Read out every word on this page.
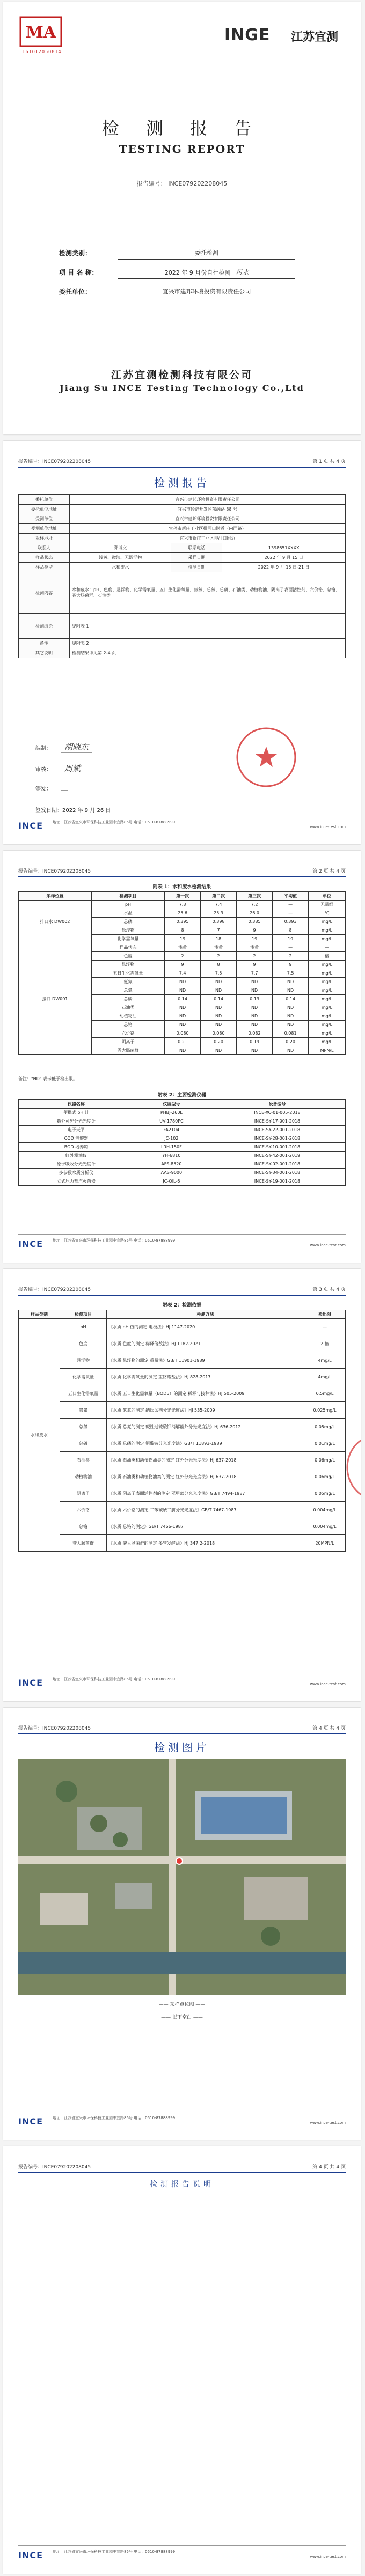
MA
161012050814
INGE 江苏宜测
检 测 报 告
TESTING REPORT
报告编号： INCE079202208045
检测类别：	委托检测
项 目 名 称：	2022 年 9 月份自行检测 污水
委托单位：	宜兴市建邦环境投资有限责任公司
江苏宜测检测科技有限公司
Jiang Su INCE Testing Technology Co.,Ltd
报告编号：INCE079202208045	第 1 页 共 4 页
检测报告
委托单位	宜兴市建邦环境投资有限责任公司		
委托单位地址	宜兴市经济开发区东融路 38 号		
受测单位	宜兴市建邦环境投资有限责任公司		
受测单位地址	宜兴市新庄工业区排河口附近（内西路）		
采样地址	宜兴市新庄工业区排河口附近		
联系人	郑博文	联系电话	1398651XXXX
样品状态	浅黄、微浊、无漂浮物	采样日期	2022 年 9 月 15 日
样品类型	水和废水	检测日期	2022 年 9 月 15 日-21 日
检测内容	水和废水：pH、色度、悬浮物、化学需氧量、五日生化需氧量、氨氮、总氮、总磷、石油类、动植物油、阴离子表面活性剂、六价铬、总铬、粪大肠菌群、石油类		
检测结论	见附表 1		
备注	见附表 2		
其它说明	检测结果详见第 2-4 页		
编制： 胡晓东
审核： 周斌
签发：
签发日期：2022 年 9 月 26 日
INCE	地址：江苏省宜兴市环保科技工业园中宜路85号 电话：0510-87888999
www.ince-test.com
报告编号：INCE079202208045	第 2 页 共 4 页
附表 1：水和废水检测结果
采样位置	检测项目	第一次	第二次	第三次	平均值	单位
排口水 DW002	pH	7.3	7.4	7.2	—	无量纲
	水温	25.6	25.9	26.0	—	℃
	总磷	0.395	0.398	0.385	0.393	mg/L
	悬浮物	8	7	9	8	mg/L
	化学需氧量	19	18	19	19	mg/L
接口 DW001	样品状态	浅黄	浅黄	浅黄	—	—
	色度	2	2	2	2	倍
	悬浮物	9	8	9	9	mg/L
	五日生化需氧量	7.4	7.5	7.7	7.5	mg/L
	氨氮	ND	ND	ND	ND	mg/L
	总氮	ND	ND	ND	ND	mg/L
	总磷	0.14	0.14	0.13	0.14	mg/L
	石油类	ND	ND	ND	ND	mg/L
	动植物油	ND	ND	ND	ND	mg/L
	总铬	ND	ND	ND	ND	mg/L
	六价铬	0.080	0.080	0.082	0.081	mg/L
	阴离子	0.21	0.20	0.19	0.20	mg/L
	粪大肠菌群	ND	ND	ND	ND	MPN/L
备注："ND" 表示低于检出限。
附表 2：主要检测仪器
仪器名称	仪器型号	设备编号
便携式 pH 计	PHBJ-260L	INCE-XC-01-005-2018
紫外可见分光光度计	UV-1780PC	INCE-SY-17-001-2018
电子天平	FA2104	INCE-SY-22-001-2018
COD 消解器	JC-102	INCE-SY-28-001-2018
BOD 培养箱	LRH-150F	INCE-SY-10-001-2018
红外测油仪	YH-6810	INCE-SY-42-001-2019
原子吸收分光光度计	AFS-8520	INCE-SY-02-001-2018
多参数水质分析仪	AAS-9000	INCE-SY-34-001-2018
立式压力蒸汽灭菌器	JC-OIL-6	INCE-SY-19-001-2018
INCE	地址：江苏省宜兴市环保科技工业园中宜路85号 电话：0510-87888999
www.ince-test.com
报告编号：INCE079202208045	第 3 页 共 4 页
附表 2：检测依据
样品类别	检测项目	检测方法	检出限
水和废水	pH	《水质 pH 值的测定 电极法》HJ 1147-2020	—
	色度	《水质 色度的测定 稀释倍数法》HJ 1182-2021	2 倍
	悬浮物	《水质 悬浮物的测定 重量法》GB/T 11901-1989	4mg/L
	化学需氧量	《水质 化学需氧量的测定 重铬酸盐法》HJ 828-2017	4mg/L
	五日生化需氧量	《水质 五日生化需氧量（BOD5）的测定 稀释与接种法》HJ 505-2009	0.5mg/L
	氨氮	《水质 氨氮的测定 纳氏试剂分光光度法》HJ 535-2009	0.025mg/L
	总氮	《水质 总氮的测定 碱性过硫酸钾消解紫外分光光度法》HJ 636-2012	0.05mg/L
	总磷	《水质 总磷的测定 钼酸铵分光光度法》GB/T 11893-1989	0.01mg/L
	石油类	《水质 石油类和动植物油类的测定 红外分光光度法》HJ 637-2018	0.06mg/L
	动植物油	《水质 石油类和动植物油类的测定 红外分光光度法》HJ 637-2018	0.06mg/L
	阴离子	《水质 阴离子表面活性剂的测定 亚甲蓝分光光度法》GB/T 7494-1987	0.05mg/L
	六价铬	《水质 六价铬的测定 二苯碳酰二肼分光光度法》GB/T 7467-1987	0.004mg/L
	总铬	《水质 总铬的测定》GB/T 7466-1987	0.004mg/L
	粪大肠菌群	《水质 粪大肠菌群的测定 多管发酵法》HJ 347.2-2018	20MPN/L
INCE	地址：江苏省宜兴市环保科技工业园中宜路85号 电话：0510-87888999
www.ince-test.com
报告编号：INCE079202208045	第 4 页 共 4 页
检测图片
—— 采样点位图 ——
—— 以下空白 ——
INCE	地址：江苏省宜兴市环保科技工业园中宜路85号 电话：0510-87888999
www.ince-test.com
报告编号：INCE079202208045	第 4 页 共 4 页
检测报告说明
INCE	地址：江苏省宜兴市环保科技工业园中宜路85号 电话：0510-87888999
www.ince-test.com
